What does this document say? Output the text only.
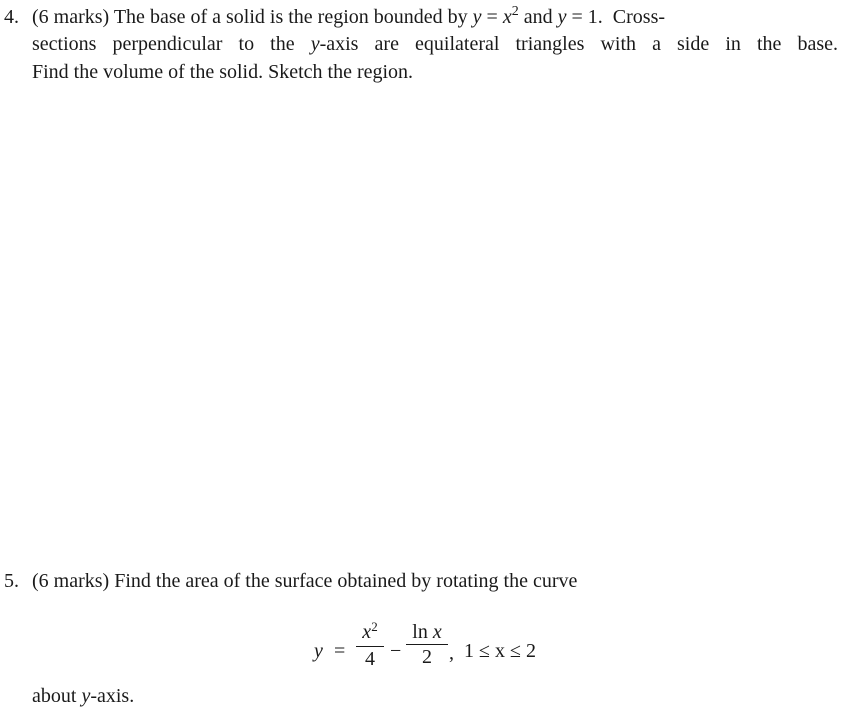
4. (6 marks) The base of a solid is the region bounded by $y = x^2$ and y = 1. Cross-
sections perpendicular to the y-axis are equilateral triangles with a side in the base.
Find the volume of the solid. Sketch the region.
5. (6 marks) Find the area of the surface obtained by rotating the curve
y =
$x^2$
4 −
ln x
2 , 1 ≤ x ≤ 2
about y-axis.
